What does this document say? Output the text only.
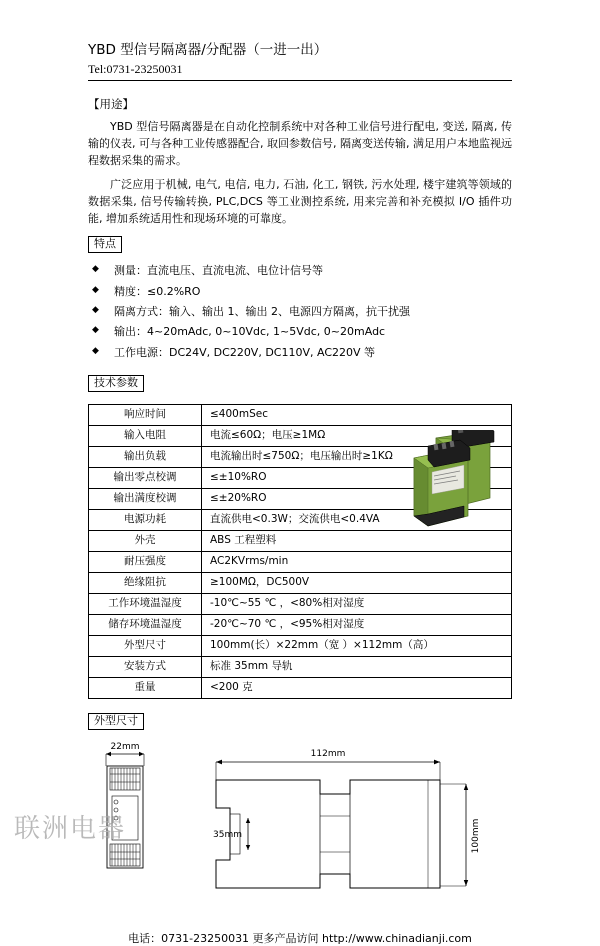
YBD 型信号隔离器/分配器（一进一出）
Tel:0731-23250031
【用途】

YBD 型信号隔离器是在自动化控制系统中对各种工业信号进行配电, 变送, 隔离, 传输的仪表, 可与各种工业传感器配合, 取回参数信号, 隔离变送传输, 满足用户本地监视远程数据采集的需求。

广泛应用于机械, 电气, 电信, 电力, 石油, 化工, 钢铁, 污水处理, 楼宇建筑等领域的数据采集, 信号传输转换, PLC,DCS 等工业测控系统, 用来完善和补充模拟 I/O 插件功能, 增加系统适用性和现场环境的可靠度。

特点
◆ 测量：直流电压、直流电流、电位计信号等
◆ 精度：≤0.2%RO
◆ 隔离方式：输入、输出 1、输出 2、电源四方隔离，抗干扰强
◆ 输出：4~20mAdc, 0~10Vdc, 1~5Vdc, 0~20mAdc
◆ 工作电源：DC24V, DC220V, DC110V, AC220V 等
技术参数
响应时间	≤400mSec
输入电阻	电流≤60Ω；电压≥1MΩ
输出负载	电流输出时≤750Ω；电压输出时≥1KΩ
输出零点校调	≤±10%RO
输出满度校调	≤±20%RO
电源功耗	直流供电<0.3W；交流供电<0.4VA
外壳	ABS 工程塑料
耐压强度	AC2KVrms/min
绝缘阻抗	≥100MΩ，DC500V
工作环境温湿度	-10℃~55 ℃ ，<80%相对湿度
储存环境温湿度	-20℃~70 ℃ ，<95%相对湿度
外型尺寸	100mm(长）×22mm（宽 ）×112mm（高）
安装方式	标准 35mm 导轨
重量	<200 克
外型尺寸
22mm
112mm
35mm	100mm
电话：0731-23250031 更多产品访问 http://www.chinadianji.com
联洲电器
